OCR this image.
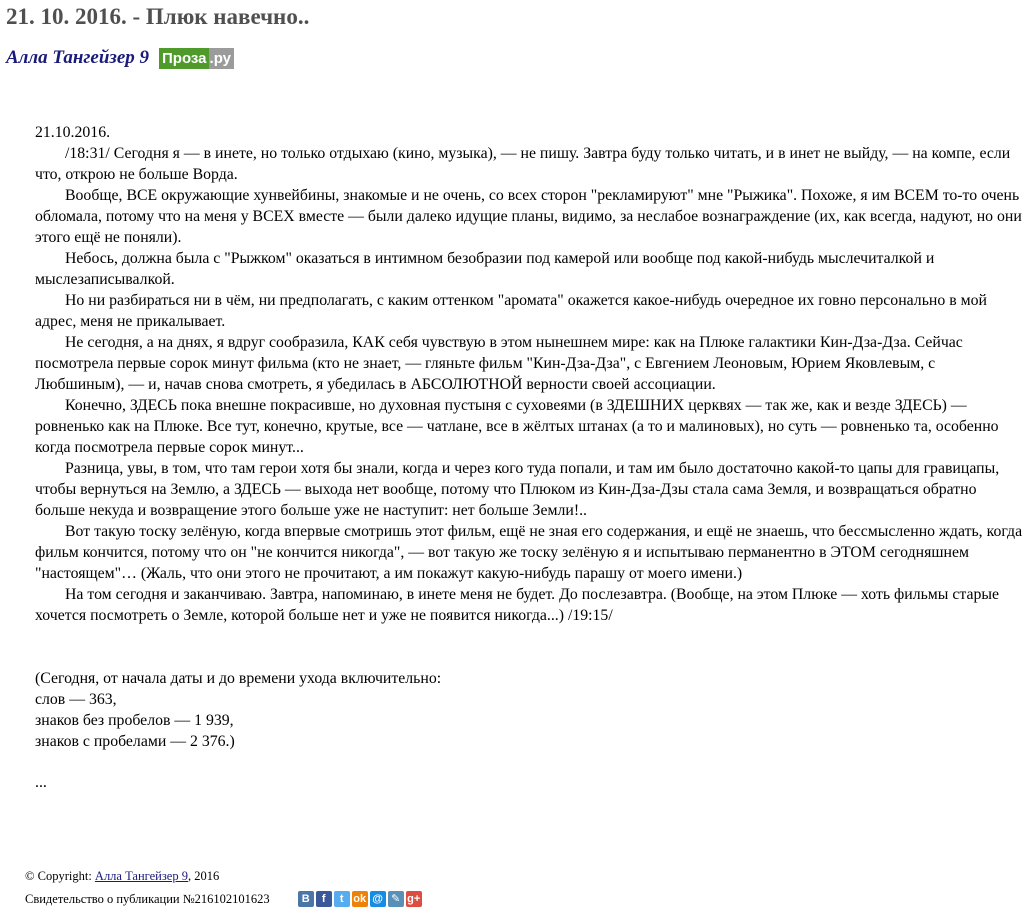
21. 10. 2016. - Плюк навечно..
Алла Тангейзер 9 Проза .ру
21.10.2016.

/18:31/ Сегодня я — в инете, но только отдыхаю (кино, музыка), — не пишу. Завтра буду только читать, и в инет не выйду, — на компе, если что, открою не больше Ворда.

Вообще, ВСЕ окружающие хунвейбины, знакомые и не очень, со всех сторон "рекламируют" мне "Рыжика". Похоже, я им ВСЕМ то-то очень обломала, потому что на меня у ВСЕХ вместе — были далеко идущие планы, видимо, за неслабое вознаграждение (их, как всегда, надуют, но они этого ещё не поняли).

Небось, должна была с "Рыжком" оказаться в интимном безобразии под камерой или вообще под какой-нибудь мыслечиталкой и мыслезаписывалкой.

Но ни разбираться ни в чём, ни предполагать, с каким оттенком "аромата" окажется какое-нибудь очередное их говно персонально в мой адрес, меня не прикалывает.

Не сегодня, а на днях, я вдруг сообразила, КАК себя чувствую в этом нынешнем мире: как на Плюке галактики Кин-Дза-Дза. Сейчас посмотрела первые сорок минут фильма (кто не знает, — гляньте фильм "Кин-Дза-Дза", с Евгением Леоновым, Юрием Яковлевым, с Любшиным), — и, начав снова смотреть, я убедилась в АБСОЛЮТНОЙ верности своей ассоциации.

Конечно, ЗДЕСЬ пока внешне покрасивше, но духовная пустыня с суховеями (в ЗДЕШНИХ церквях — так же, как и везде ЗДЕСЬ) — ровненько как на Плюке. Все тут, конечно, крутые, все — чатлане, все в жёлтых штанах (а то и малиновых), но суть — ровненько та, особенно когда посмотрела первые сорок минут...

Разница, увы, в том, что там герои хотя бы знали, когда и через кого туда попали, и там им было достаточно какой-то цапы для гравицапы, чтобы вернуться на Землю, а ЗДЕСЬ — выхода нет вообще, потому что Плюком из Кин-Дза-Дзы стала сама Земля, и возвращаться обратно больше некуда и возвращение этого больше уже не наступит: нет больше Земли!..

Вот такую тоску зелёную, когда впервые смотришь этот фильм, ещё не зная его содержания, и ещё не знаешь, что бессмысленно ждать, когда фильм кончится, потому что он "не кончится никогда", — вот такую же тоску зелёную я и испытываю перманентно в ЭТОМ сегодняшнем "настоящем"… (Жаль, что они этого не прочитают, а им покажут какую-нибудь парашу от моего имени.)

На том сегодня и заканчиваю. Завтра, напоминаю, в инете меня не будет. До послезавтра. (Вообще, на этом Плюке — хоть фильмы старые хочется посмотреть о Земле, которой больше нет и уже не появится никогда...) /19:15/

(Сегодня, от начала даты и до времени ухода включительно:
слов — 363,
знаков без пробелов — 1 939,
знаков с пробелами — 2 376.)
...
© Copyright: Алла Тангейзер 9, 2016
Свидетельство о публикации №216102101623	B	f	t ok @ ✎ g+
